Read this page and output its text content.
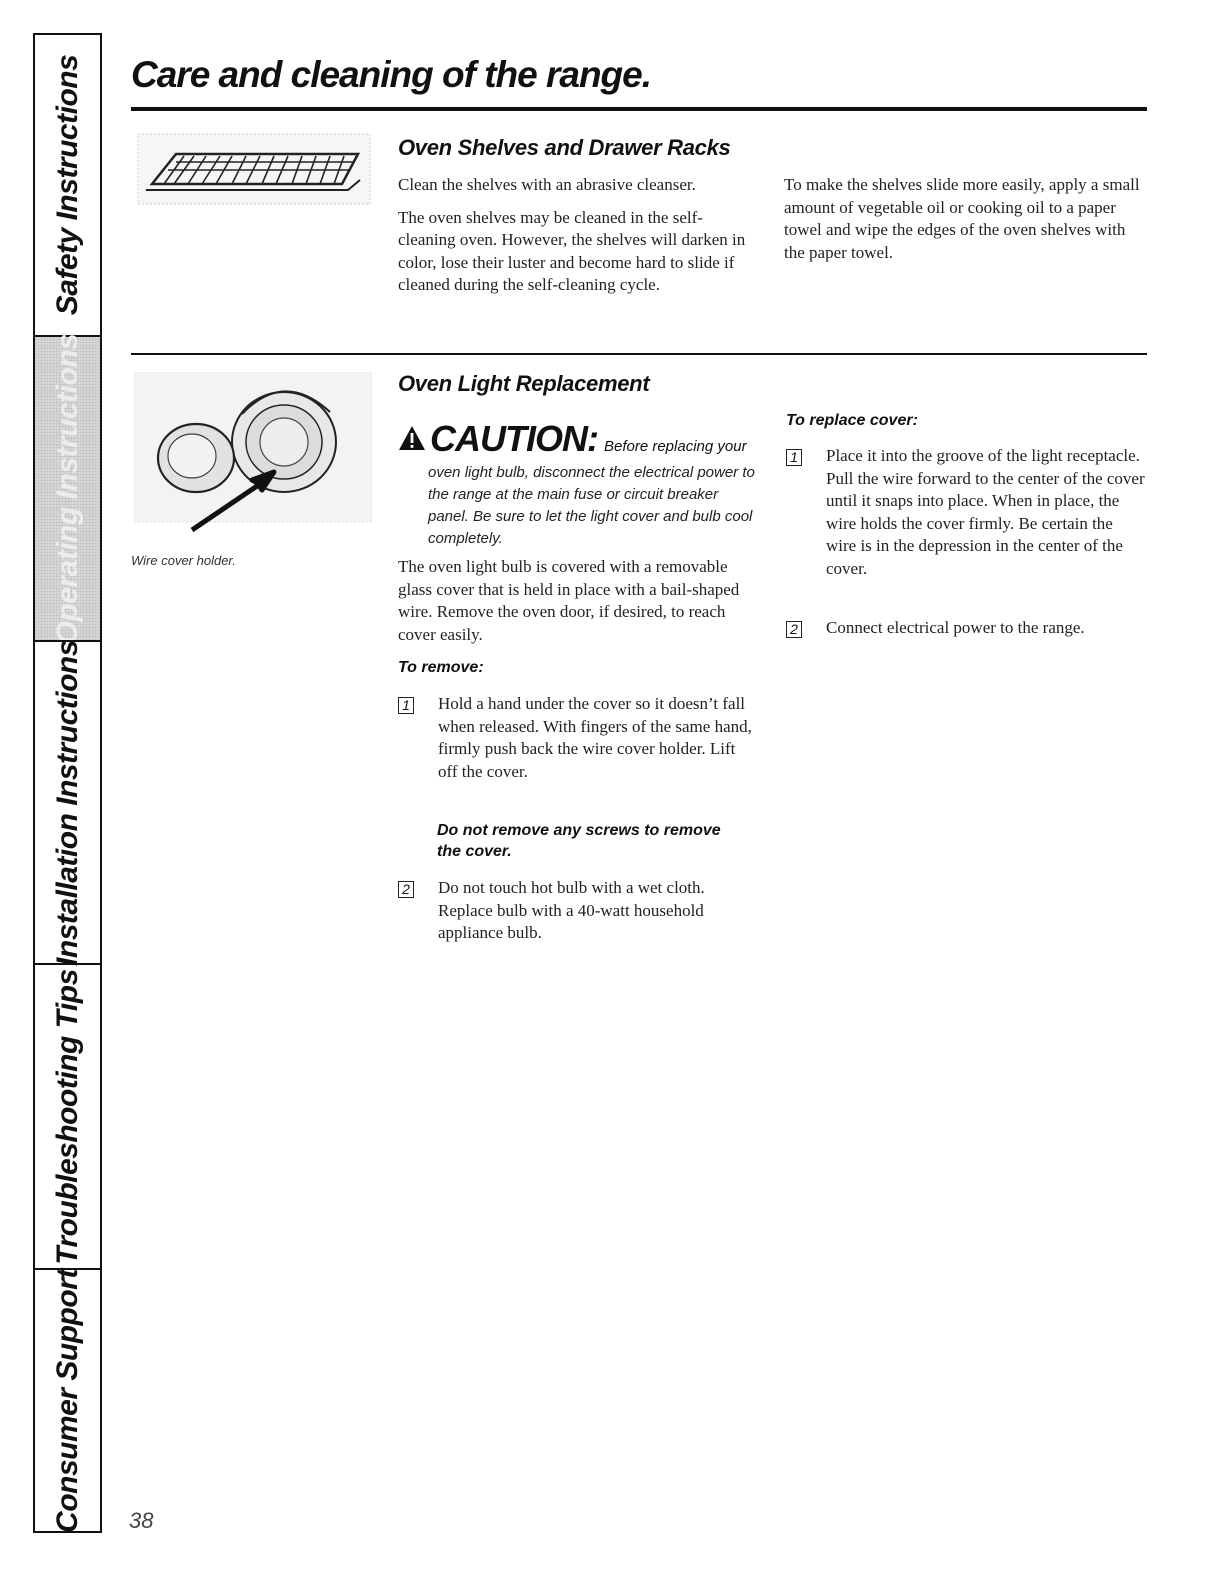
Safety Instructions
Operating Instructions
Installation Instructions
Troubleshooting Tips
Consumer Support
Care and cleaning of the range.
Oven Shelves and Drawer Racks

Clean the shelves with an abrasive cleanser.

The oven shelves may be cleaned in the self-cleaning oven. However, the shelves will darken in color, lose their luster and become hard to slide if cleaned during the self-cleaning cycle.

To make the shelves slide more easily, apply a small amount of vegetable oil or cooking oil to a paper towel and wipe the edges of the oven shelves with the paper towel.

Wire cover holder.
Oven Light Replacement
CAUTION: Before replacing your
oven light bulb, disconnect the electrical power to the range at the main fuse or circuit breaker panel. Be sure to let the light cover and bulb cool completely.

The oven light bulb is covered with a removable glass cover that is held in place with a bail-shaped wire. Remove the oven door, if desired, to reach cover easily.

To remove:
1 Hold a hand under the cover so it doesn’t fall when released. With fingers of the same hand, firmly push back the wire cover holder. Lift off the cover.
Do not remove any screws to remove the cover.
2 Do not touch hot bulb with a wet cloth. Replace bulb with a 40-watt household appliance bulb.
To replace cover:
1 Place it into the groove of the light receptacle. Pull the wire forward to the center of the cover until it snaps into place. When in place, the wire holds the cover firmly. Be certain the wire is in the depression in the center of the cover.
2 Connect electrical power to the range.
38
